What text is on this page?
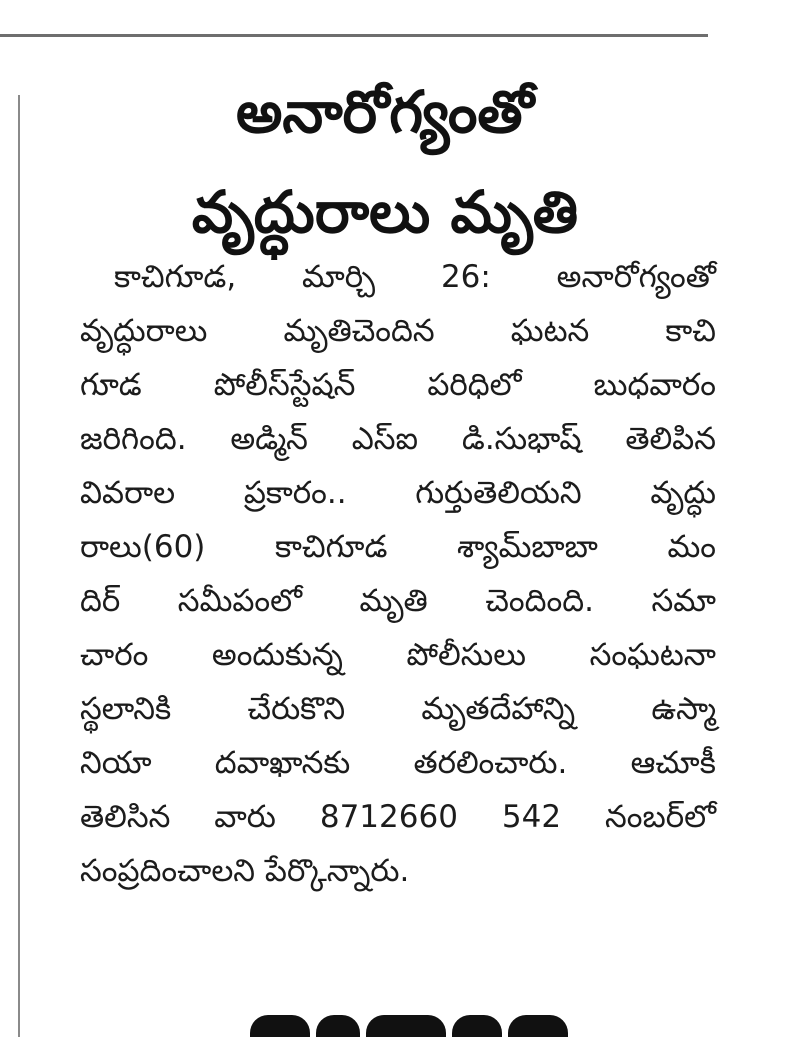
అనారోగ్యంతో
వృద్ధురాలు మృతి
కాచిగూడ, మార్చి 26: అనారోగ్యంతో
వృద్ధురాలు మృతిచెందిన ఘటన కాచి
గూడ పోలీస్‌స్టేషన్ పరిధిలో బుధవారం
జరిగింది. అడ్మిన్ ఎస్ఐ డి.సుభాష్ తెలిపిన
వివరాల ప్రకారం.. గుర్తుతెలియని వృద్ధు
రాలు(60) కాచిగూడ శ్యామ్‌బాబా మం
దిర్ సమీపంలో మృతి చెందింది. సమా
చారం అందుకున్న పోలీసులు సంఘటనా
స్థలానికి చేరుకొని మృతదేహాన్ని ఉస్మా
నియా దవాఖానకు తరలించారు. ఆచూకీ
తెలిసిన వారు 8712660 542 నంబర్‌లో
సంప్రదించాలని పేర్కొన్నారు.
